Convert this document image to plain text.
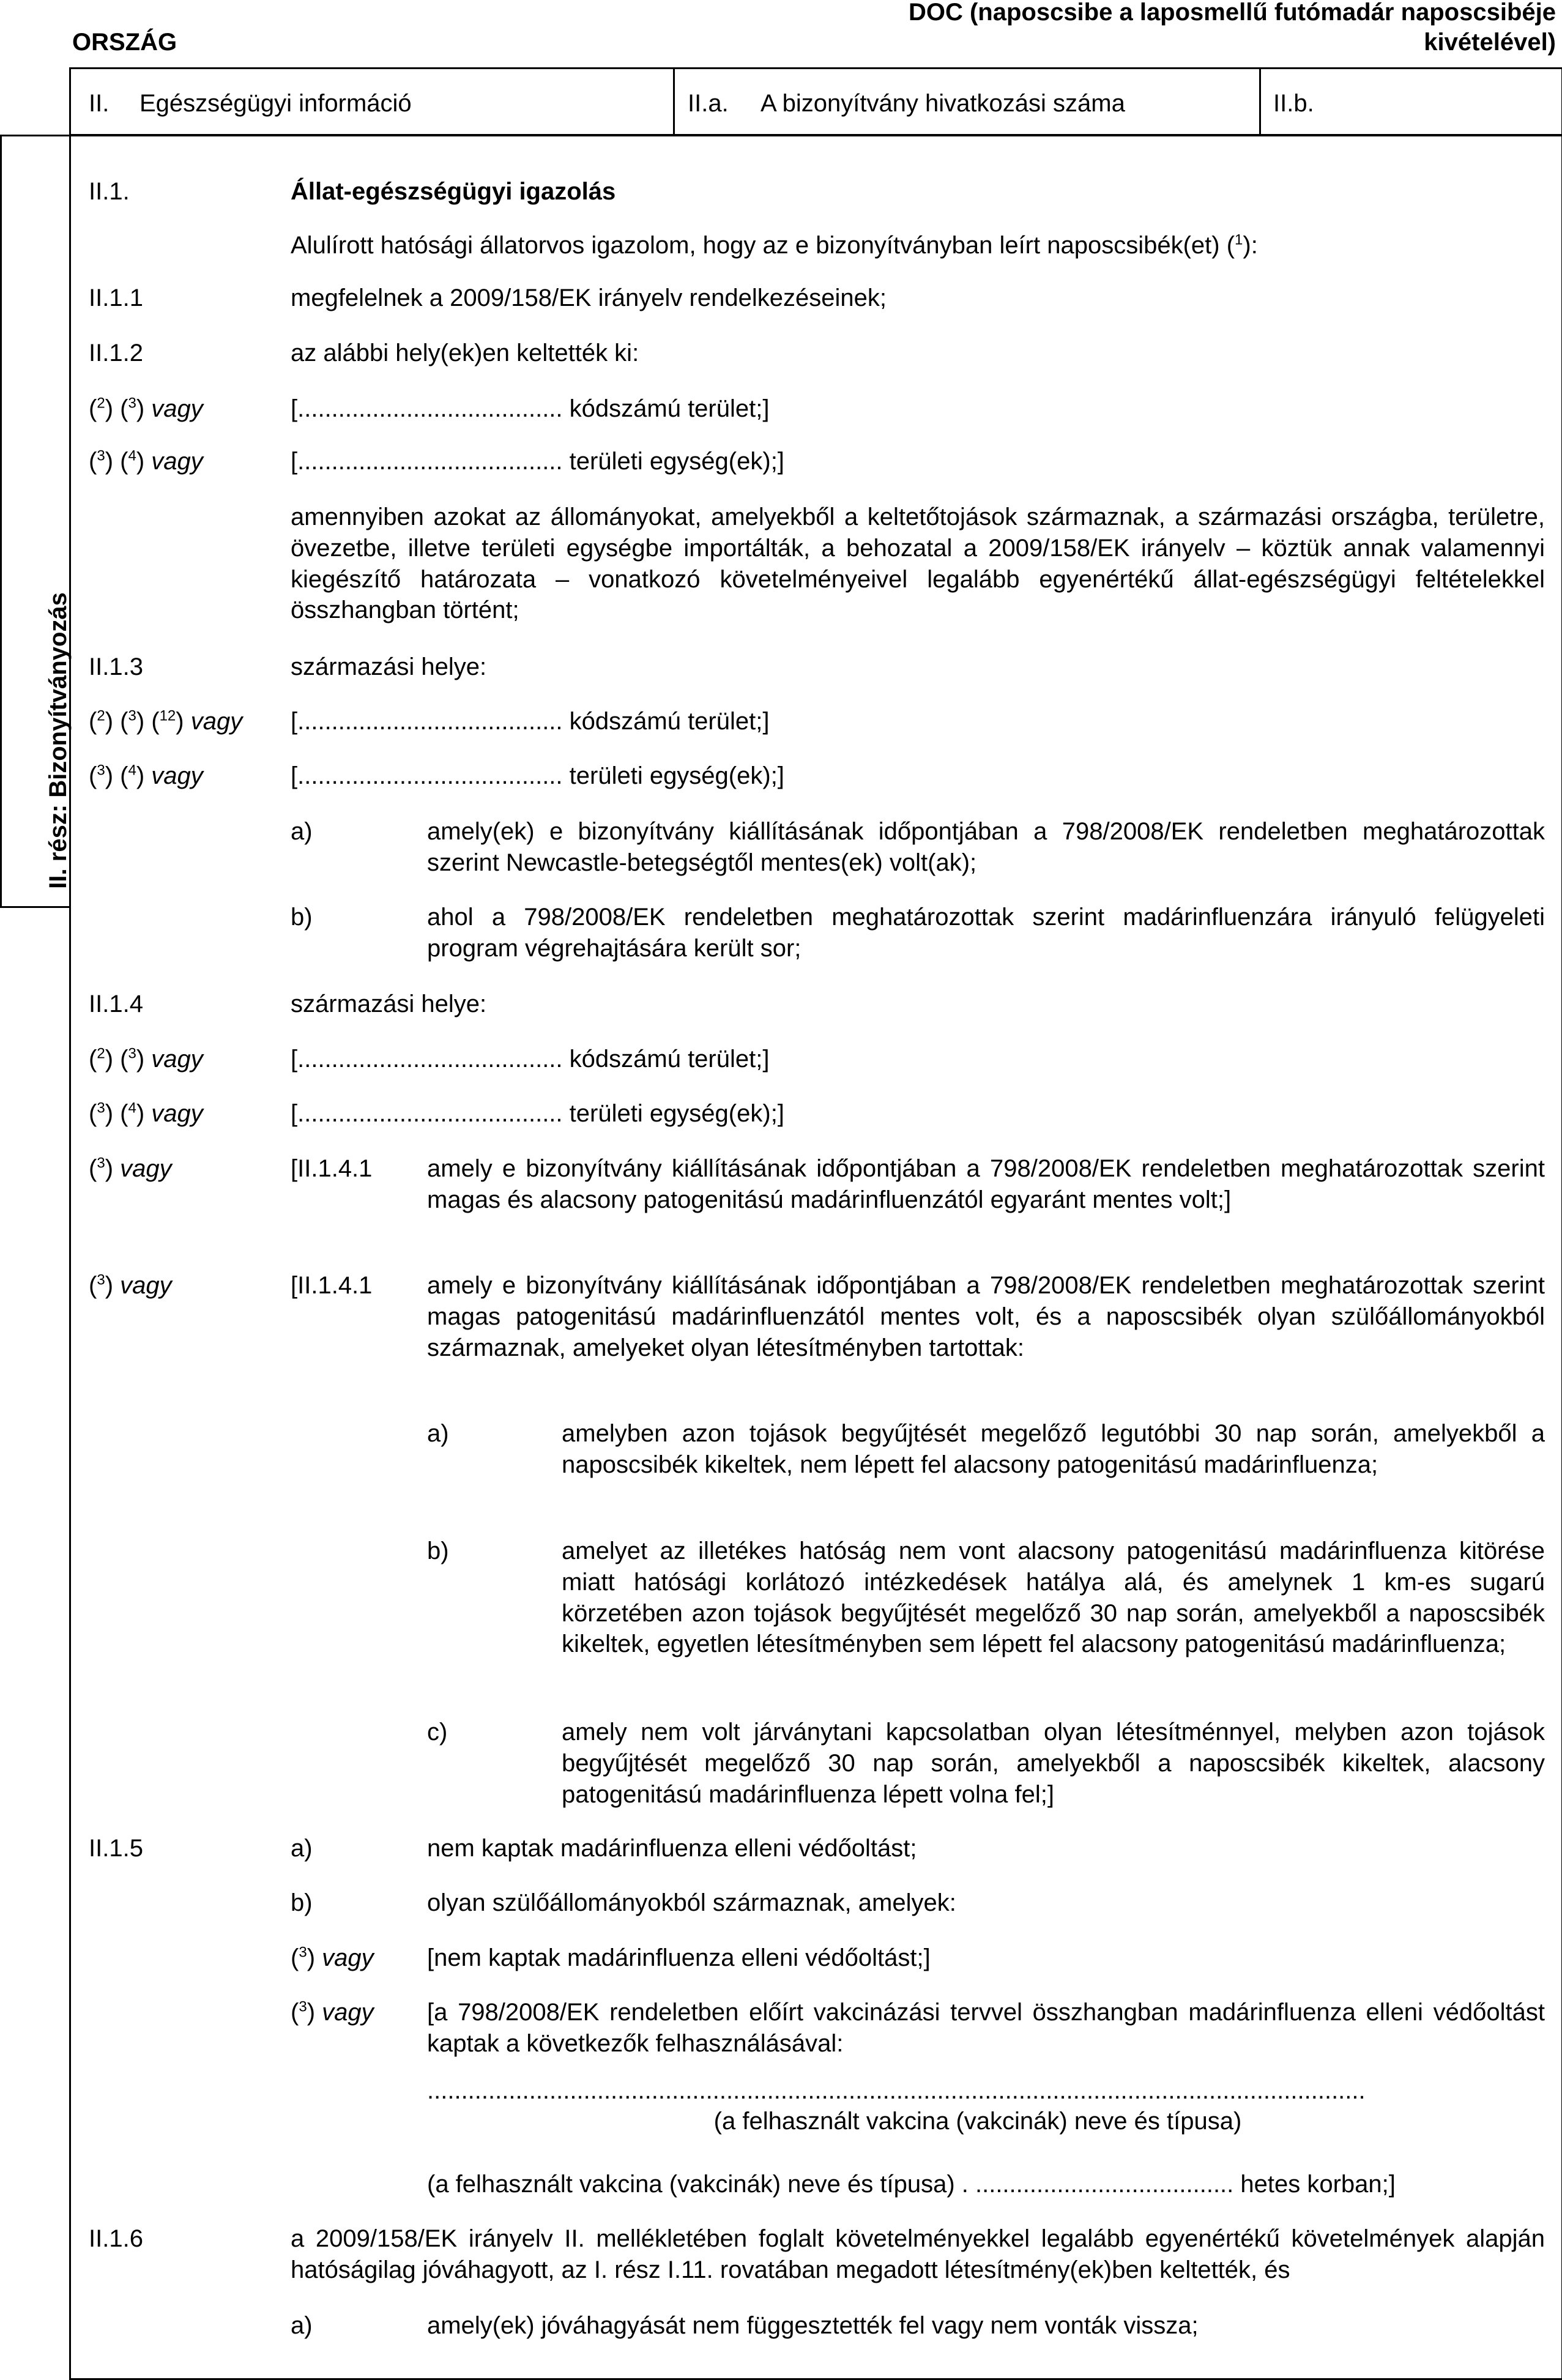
ORSZÁG
DOC (naposcsibe a laposmellű futómadár naposcsibéje
kivételével)
II. Egészségügyi információ	II.a. A bizonyítvány hivatkozási száma	II.b.
II. rész: Bizonyítványozás
II.1.	Állat-egészségügyi igazolás
Alulírott hatósági állatorvos igazolom, hogy az e bizonyítványban leírt naposcsibék(et) ($^1$):
II.1.1	megfelelnek a 2009/158/EK irányelv rendelkezéseinek;
II.1.2	az alábbi hely(ek)en keltették ki:
($^2$) ($^3$) vagy	[....................................... kódszámú terület;]
($^3$) ($^4$) vagy	[....................................... területi egység(ek);]
amennyiben azokat az állományokat, amelyekből a keltetőtojások származnak, a származási országba, területre, övezetbe, illetve területi egységbe importálták, a behozatal a 2009/158/EK irányelv – köztük annak valamennyi kiegészítő határozata – vonatkozó követelményeivel legalább egyenértékű állat-egészségügyi feltételekkel összhangban történt;
II.1.3	származási helye:
($^2$) ($^3$) ($^{12}$) vagy [....................................... kódszámú terület;]
($^3$) ($^4$) vagy	[....................................... területi egység(ek);]
a)	amely(ek) e bizonyítvány kiállításának időpontjában a 798/2008/EK rendeletben meghatározottak szerint Newcastle-betegségtől mentes(ek) volt(ak);
b)	ahol a 798/2008/EK rendeletben meghatározottak szerint madárinfluenzára irányuló felügyeleti program végrehajtására került sor;
II.1.4	származási helye:
($^2$) ($^3$) vagy	[....................................... kódszámú terület;]
($^3$) ($^4$) vagy	[....................................... területi egység(ek);]
($^3$) vagy	[II.1.4.1 amely e bizonyítvány kiállításának időpontjában a 798/2008/EK rendeletben meghatározottak szerint magas és alacsony patogenitású madárinfluenzától egyaránt mentes volt;]
($^3$) vagy	[II.1.4.1 amely e bizonyítvány kiállításának időpontjában a 798/2008/EK rendeletben meghatározottak szerint magas patogenitású madárinfluenzától mentes volt, és a naposcsibék olyan szülőállományokból származnak, amelyeket olyan létesítményben tartottak:
a)	amelyben azon tojások begyűjtését megelőző legutóbbi 30 nap során, amelyekből a naposcsibék kikeltek, nem lépett fel alacsony patogenitású madárinfluenza;
b)	amelyet az illetékes hatóság nem vont alacsony patogenitású madárinfluenza kitörése miatt hatósági korlátozó intézkedések hatálya alá, és amelynek 1 km-es sugarú körzetében azon tojások begyűjtését megelőző 30 nap során, amelyekből a naposcsibék kikeltek, egyetlen létesítményben sem lépett fel alacsony patogenitású madárinfluenza;
c)	amely nem volt járványtani kapcsolatban olyan létesítménnyel, melyben azon tojások begyűjtését megelőző 30 nap során, amelyekből a naposcsibék kikeltek, alacsony patogenitású madárinfluenza lépett volna fel;]
II.1.5	a)	nem kaptak madárinfluenza elleni védőoltást;
b)	olyan szülőállományokból származnak, amelyek:
($^3$) vagy [nem kaptak madárinfluenza elleni védőoltást;]
($^3$) vagy [a 798/2008/EK rendeletben előírt vakcinázási tervvel összhangban madárinfluenza elleni védőoltást kaptak a következők felhasználásával:
..........................................................................................................................................
(a felhasznált vakcina (vakcinák) neve és típusa)
(a felhasznált vakcina (vakcinák) neve és típusa) . ...................................... hetes korban;]
II.1.6	a 2009/158/EK irányelv II. mellékletében foglalt követelményekkel legalább egyenértékű követelmények alapján hatóságilag jóváhagyott, az I. rész I.11. rovatában megadott létesítmény(ek)ben keltették, és
a)	amely(ek) jóváhagyását nem függesztették fel vagy nem vonták vissza;
